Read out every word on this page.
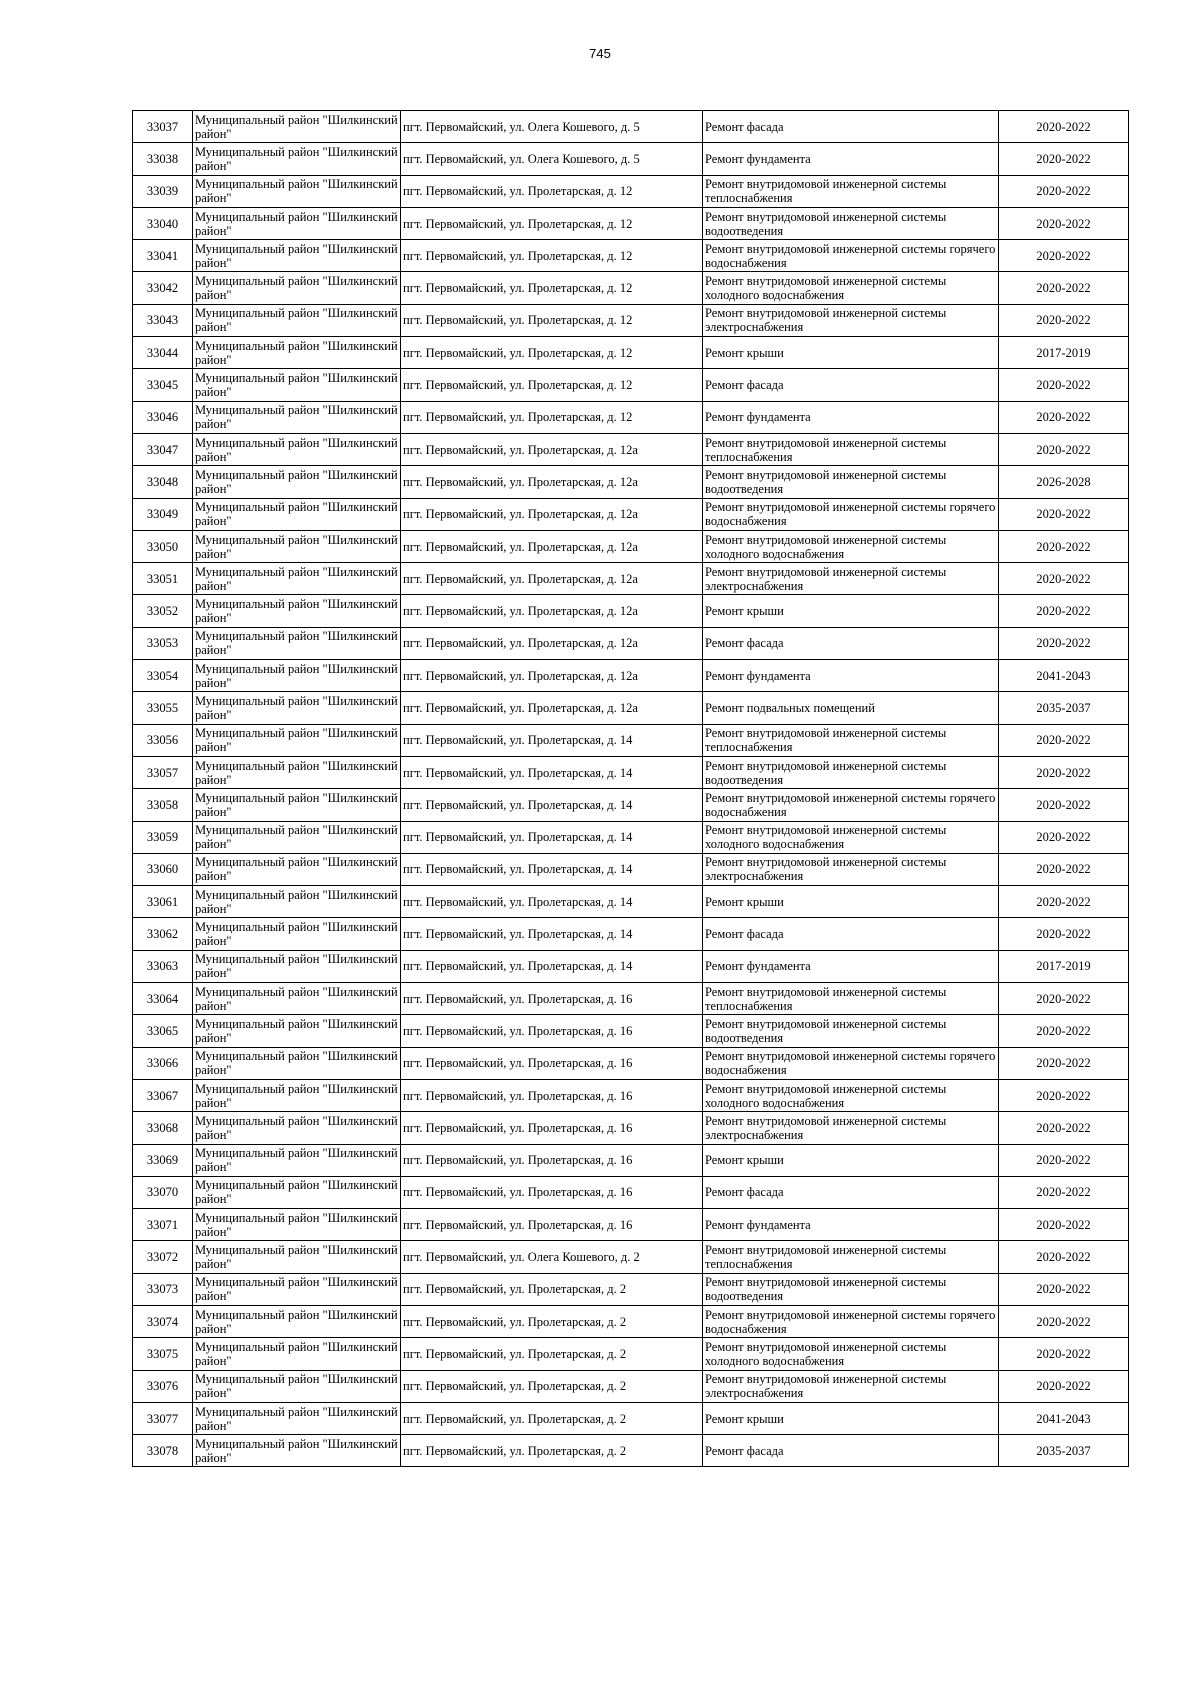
745
33037	Муниципальный район "Шилкинский район"	пгт. Первомайский, ул. Олега Кошевого, д. 5	Ремонт фасада	2020-2022
33038	Муниципальный район "Шилкинский район"	пгт. Первомайский, ул. Олега Кошевого, д. 5	Ремонт фундамента	2020-2022
33039	Муниципальный район "Шилкинский район"	пгт. Первомайский, ул. Пролетарская, д. 12	Ремонт внутридомовой инженерной системы теплоснабжения	2020-2022
33040	Муниципальный район "Шилкинский район"	пгт. Первомайский, ул. Пролетарская, д. 12	Ремонт внутридомовой инженерной системы водоотведения	2020-2022
33041	Муниципальный район "Шилкинский район"	пгт. Первомайский, ул. Пролетарская, д. 12	Ремонт внутридомовой инженерной системы горячего водоснабжения	2020-2022
33042	Муниципальный район "Шилкинский район"	пгт. Первомайский, ул. Пролетарская, д. 12	Ремонт внутридомовой инженерной системы холодного водоснабжения	2020-2022
33043	Муниципальный район "Шилкинский район"	пгт. Первомайский, ул. Пролетарская, д. 12	Ремонт внутридомовой инженерной системы электроснабжения	2020-2022
33044	Муниципальный район "Шилкинский район"	пгт. Первомайский, ул. Пролетарская, д. 12	Ремонт крыши	2017-2019
33045	Муниципальный район "Шилкинский район"	пгт. Первомайский, ул. Пролетарская, д. 12	Ремонт фасада	2020-2022
33046	Муниципальный район "Шилкинский район"	пгт. Первомайский, ул. Пролетарская, д. 12	Ремонт фундамента	2020-2022
33047	Муниципальный район "Шилкинский район"	пгт. Первомайский, ул. Пролетарская, д. 12а	Ремонт внутридомовой инженерной системы теплоснабжения	2020-2022
33048	Муниципальный район "Шилкинский район"	пгт. Первомайский, ул. Пролетарская, д. 12а	Ремонт внутридомовой инженерной системы водоотведения	2026-2028
33049	Муниципальный район "Шилкинский район"	пгт. Первомайский, ул. Пролетарская, д. 12а	Ремонт внутридомовой инженерной системы горячего водоснабжения	2020-2022
33050	Муниципальный район "Шилкинский район"	пгт. Первомайский, ул. Пролетарская, д. 12а	Ремонт внутридомовой инженерной системы холодного водоснабжения	2020-2022
33051	Муниципальный район "Шилкинский район"	пгт. Первомайский, ул. Пролетарская, д. 12а	Ремонт внутридомовой инженерной системы электроснабжения	2020-2022
33052	Муниципальный район "Шилкинский район"	пгт. Первомайский, ул. Пролетарская, д. 12а	Ремонт крыши	2020-2022
33053	Муниципальный район "Шилкинский район"	пгт. Первомайский, ул. Пролетарская, д. 12а	Ремонт фасада	2020-2022
33054	Муниципальный район "Шилкинский район"	пгт. Первомайский, ул. Пролетарская, д. 12а	Ремонт фундамента	2041-2043
33055	Муниципальный район "Шилкинский район"	пгт. Первомайский, ул. Пролетарская, д. 12а	Ремонт подвальных помещений	2035-2037
33056	Муниципальный район "Шилкинский район"	пгт. Первомайский, ул. Пролетарская, д. 14	Ремонт внутридомовой инженерной системы теплоснабжения	2020-2022
33057	Муниципальный район "Шилкинский район"	пгт. Первомайский, ул. Пролетарская, д. 14	Ремонт внутридомовой инженерной системы водоотведения	2020-2022
33058	Муниципальный район "Шилкинский район"	пгт. Первомайский, ул. Пролетарская, д. 14	Ремонт внутридомовой инженерной системы горячего водоснабжения	2020-2022
33059	Муниципальный район "Шилкинский район"	пгт. Первомайский, ул. Пролетарская, д. 14	Ремонт внутридомовой инженерной системы холодного водоснабжения	2020-2022
33060	Муниципальный район "Шилкинский район"	пгт. Первомайский, ул. Пролетарская, д. 14	Ремонт внутридомовой инженерной системы электроснабжения	2020-2022
33061	Муниципальный район "Шилкинский район"	пгт. Первомайский, ул. Пролетарская, д. 14	Ремонт крыши	2020-2022
33062	Муниципальный район "Шилкинский район"	пгт. Первомайский, ул. Пролетарская, д. 14	Ремонт фасада	2020-2022
33063	Муниципальный район "Шилкинский район"	пгт. Первомайский, ул. Пролетарская, д. 14	Ремонт фундамента	2017-2019
33064	Муниципальный район "Шилкинский район"	пгт. Первомайский, ул. Пролетарская, д. 16	Ремонт внутридомовой инженерной системы теплоснабжения	2020-2022
33065	Муниципальный район "Шилкинский район"	пгт. Первомайский, ул. Пролетарская, д. 16	Ремонт внутридомовой инженерной системы водоотведения	2020-2022
33066	Муниципальный район "Шилкинский район"	пгт. Первомайский, ул. Пролетарская, д. 16	Ремонт внутридомовой инженерной системы горячего водоснабжения	2020-2022
33067	Муниципальный район "Шилкинский район"	пгт. Первомайский, ул. Пролетарская, д. 16	Ремонт внутридомовой инженерной системы холодного водоснабжения	2020-2022
33068	Муниципальный район "Шилкинский район"	пгт. Первомайский, ул. Пролетарская, д. 16	Ремонт внутридомовой инженерной системы электроснабжения	2020-2022
33069	Муниципальный район "Шилкинский район"	пгт. Первомайский, ул. Пролетарская, д. 16	Ремонт крыши	2020-2022
33070	Муниципальный район "Шилкинский район"	пгт. Первомайский, ул. Пролетарская, д. 16	Ремонт фасада	2020-2022
33071	Муниципальный район "Шилкинский район"	пгт. Первомайский, ул. Пролетарская, д. 16	Ремонт фундамента	2020-2022
33072	Муниципальный район "Шилкинский район"	пгт. Первомайский, ул. Олега Кошевого, д. 2	Ремонт внутридомовой инженерной системы теплоснабжения	2020-2022
33073	Муниципальный район "Шилкинский район"	пгт. Первомайский, ул. Пролетарская, д. 2	Ремонт внутридомовой инженерной системы водоотведения	2020-2022
33074	Муниципальный район "Шилкинский район"	пгт. Первомайский, ул. Пролетарская, д. 2	Ремонт внутридомовой инженерной системы горячего водоснабжения	2020-2022
33075	Муниципальный район "Шилкинский район"	пгт. Первомайский, ул. Пролетарская, д. 2	Ремонт внутридомовой инженерной системы холодного водоснабжения	2020-2022
33076	Муниципальный район "Шилкинский район"	пгт. Первомайский, ул. Пролетарская, д. 2	Ремонт внутридомовой инженерной системы электроснабжения	2020-2022
33077	Муниципальный район "Шилкинский район"	пгт. Первомайский, ул. Пролетарская, д. 2	Ремонт крыши	2041-2043
33078	Муниципальный район "Шилкинский район"	пгт. Первомайский, ул. Пролетарская, д. 2	Ремонт фасада	2035-2037
